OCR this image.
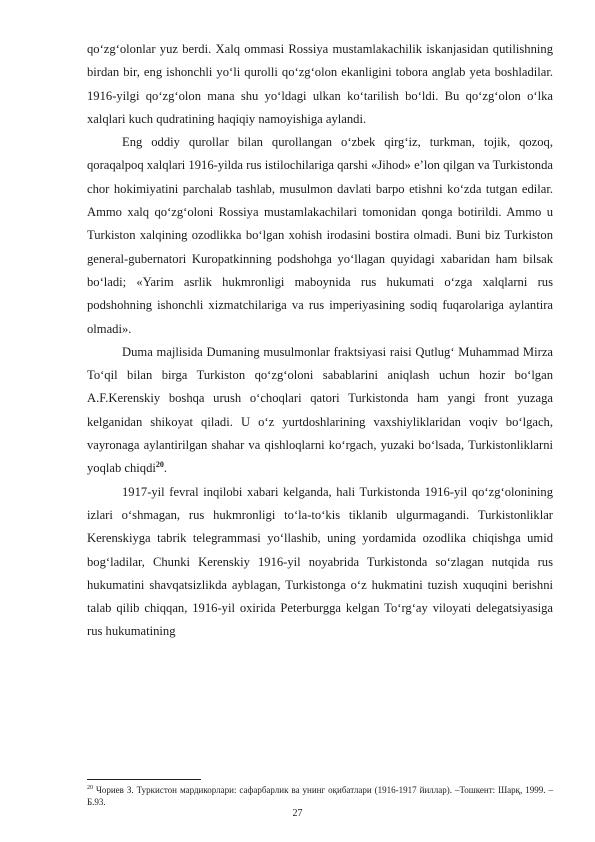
qo‘zg‘olonlar yuz berdi. Xalq ommasi Rossiya mustamlakachilik iskanjasidan qutilishning birdan bir, eng ishonchli yo‘li qurolli qo‘zg‘olon ekanligini tobora anglab yeta boshladilar. 1916-yilgi qo‘zg‘olon mana shu yo‘ldagi ulkan ko‘tarilish bo‘ldi. Bu qo‘zg‘olon o‘lka xalqlari kuch qudratining haqiqiy namoyishiga aylandi.

Eng oddiy qurollar bilan qurollangan o‘zbek qirg‘iz, turkman, tojik, qozoq, qoraqalpoq xalqlari 1916-yilda rus istilochilariga qarshi «Jihod» e’lon qilgan va Turkistonda chor hokimiyatini parchalab tashlab, musulmon davlati barpo etishni ko‘zda tutgan edilar. Ammo xalq qo‘zg‘oloni Rossiya mustamlakachilari tomonidan qonga botirildi. Ammo u Turkiston xalqining ozodlikka bo‘lgan xohish irodasini bostira olmadi. Buni biz Turkiston general-gubernatori Kuropatkinning podshohga yo‘llagan quyidagi xabaridan ham bilsak bo‘ladi; «Yarim asrlik hukmronligi maboynida rus hukumati o‘zga xalqlarni rus podshohning ishonchli xizmatchilariga va rus imperiyasining sodiq fuqarolariga aylantira olmadi».

Duma majlisida Dumaning musulmonlar fraktsiyasi raisi Qutlug‘ Muhammad Mirza To‘qil bilan birga Turkiston qo‘zg‘oloni sabablarini aniqlash uchun hozir bo‘lgan A.F.Kerenskiy boshqa urush o‘choqlari qatori Turkistonda ham yangi front yuzaga kelganidan shikoyat qiladi. U o‘z yurtdoshlarining vaxshiyliklaridan voqiv bo‘lgach, vayronaga aylantirilgan shahar va qishloqlarni ko‘rgach, yuzaki bo‘lsada, Turkistonliklarni yoqlab chiqdi$^{20}$.

1917-yil fevral inqilobi xabari kelganda, hali Turkistonda 1916-yil qo‘zg‘olonining izlari o‘shmagan, rus hukmronligi to‘la-to‘kis tiklanib ulgurmagandi. Turkistonliklar Kerenskiyga tabrik telegrammasi yo‘llashib, uning yordamida ozodlika chiqishga umid bog‘ladilar, Chunki Kerenskiy 1916-yil noyabrida Turkistonda so‘zlagan nutqida rus hukumatini shavqatsizlikda ayblagan, Turkistonga o‘z hukmatini tuzish xuquqini berishni talab qilib chiqqan, 1916-yil oxirida Peterburgga kelgan To‘rg‘ay viloyati delegatsiyasiga rus hukumatining

$^{20}$ Чориев З. Туркистон мардикорлари: сафарбарлик ва унинг оқибатлари (1916-1917 йиллар). –Тошкент: Шарқ, 1999. – Б.93.
27
